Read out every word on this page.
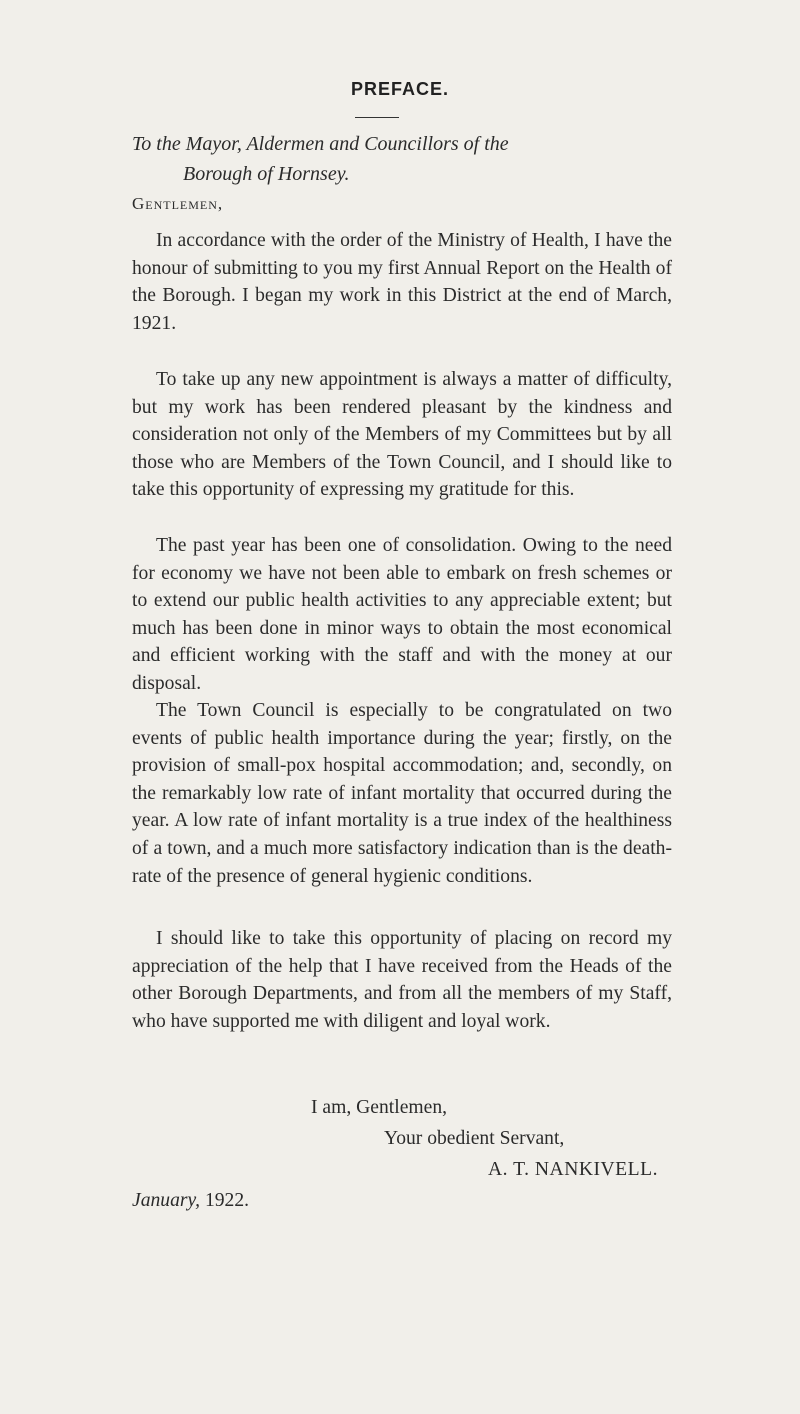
PREFACE.
To the Mayor, Aldermen and Councillors of the
Borough of Hornsey.
Gentlemen,

In accordance with the order of the Ministry of Health, I have the honour of submitting to you my first Annual Report on the Health of the Borough. I began my work in this District at the end of March, 1921.

To take up any new appointment is always a matter of difficulty, but my work has been rendered pleasant by the kindness and consideration not only of the Members of my Committees but by all those who are Members of the Town Council, and I should like to take this opportunity of expressing my gratitude for this.

The past year has been one of consolidation. Owing to the need for economy we have not been able to embark on fresh schemes or to extend our public health activities to any appreciable extent; but much has been done in minor ways to obtain the most economical and efficient working with the staff and with the money at our disposal.

The Town Council is especially to be congratulated on two events of public health importance during the year; firstly, on the provision of small-pox hospital accommodation; and, secondly, on the remarkably low rate of infant mortality that occurred during the year. A low rate of infant mortality is a true index of the healthiness of a town, and a much more satisfactory indication than is the death-rate of the presence of general hygienic conditions.

I should like to take this opportunity of placing on record my appreciation of the help that I have received from the Heads of the other Borough Departments, and from all the members of my Staff, who have supported me with diligent and loyal work.

I am, Gentlemen,
Your obedient Servant,
A. T. NANKIVELL.
January, 1922.
